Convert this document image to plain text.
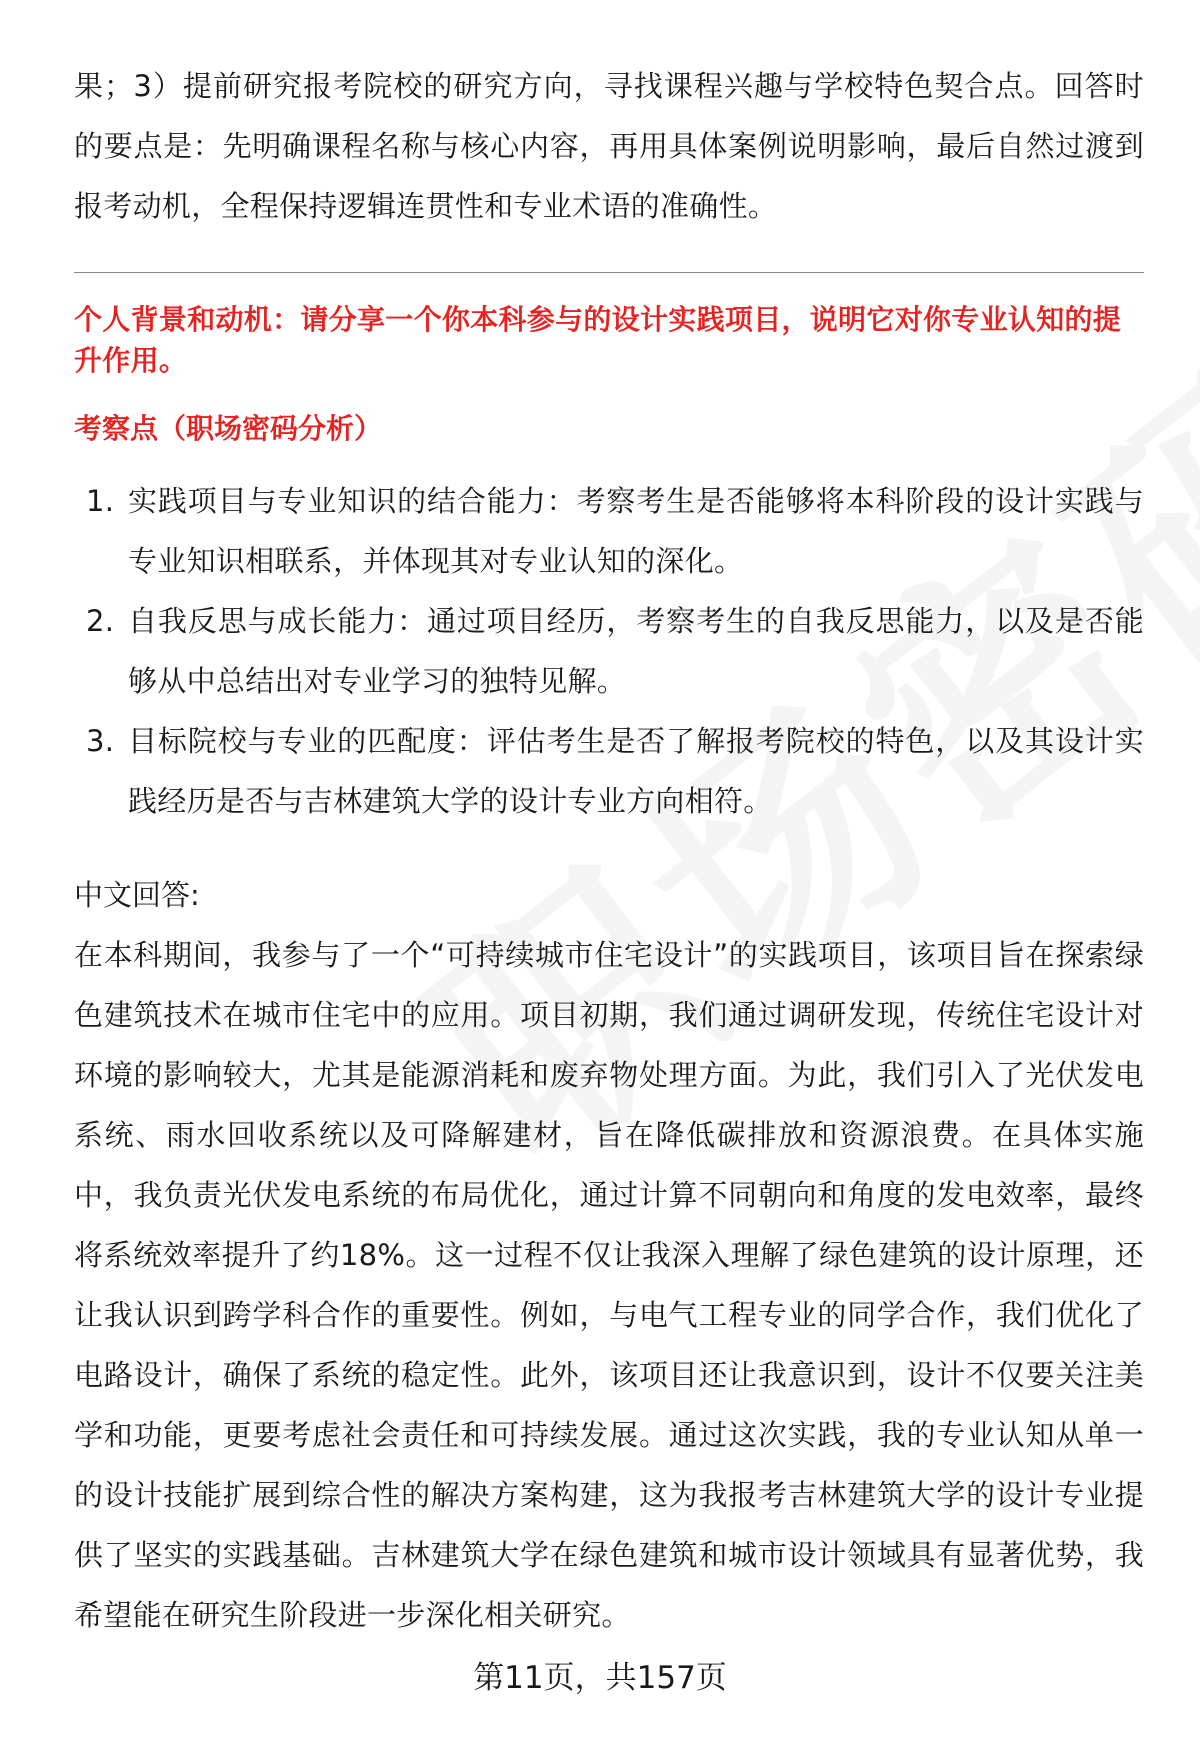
果；3）提前研究报考院校的研究方向，寻找课程兴趣与学校特色契合点。回答时的要点是：先明确课程名称与核心内容，再用具体案例说明影响，最后自然过渡到报考动机，全程保持逻辑连贯性和专业术语的准确性。

个人背景和动机：请分享一个你本科参与的设计实践项目，说明它对你专业认知的提升作用。

考察点（职场密码分析）
1. 实践项目与专业知识的结合能力：考察考生是否能够将本科阶段的设计实践与专业知识相联系，并体现其对专业认知的深化。
2. 自我反思与成长能力：通过项目经历，考察考生的自我反思能力，以及是否能够从中总结出对专业学习的独特见解。
3. 目标院校与专业的匹配度：评估考生是否了解报考院校的特色，以及其设计实践经历是否与吉林建筑大学的设计专业方向相符。
中文回答:

在本科期间，我参与了一个“可持续城市住宅设计”的实践项目，该项目旨在探索绿色建筑技术在城市住宅中的应用。项目初期，我们通过调研发现，传统住宅设计对环境的影响较大，尤其是能源消耗和废弃物处理方面。为此，我们引入了光伏发电系统、雨水回收系统以及可降解建材，旨在降低碳排放和资源浪费。在具体实施中，我负责光伏发电系统的布局优化，通过计算不同朝向和角度的发电效率，最终将系统效率提升了约18%。这一过程不仅让我深入理解了绿色建筑的设计原理，还让我认识到跨学科合作的重要性。例如，与电气工程专业的同学合作，我们优化了电路设计，确保了系统的稳定性。此外，该项目还让我意识到，设计不仅要关注美学和功能，更要考虑社会责任和可持续发展。通过这次实践，我的专业认知从单一的设计技能扩展到综合性的解决方案构建，这为我报考吉林建筑大学的设计专业提供了坚实的实践基础。吉林建筑大学在绿色建筑和城市设计领域具有显著优势，我希望能在研究生阶段进一步深化相关研究。

第11页，共157页
